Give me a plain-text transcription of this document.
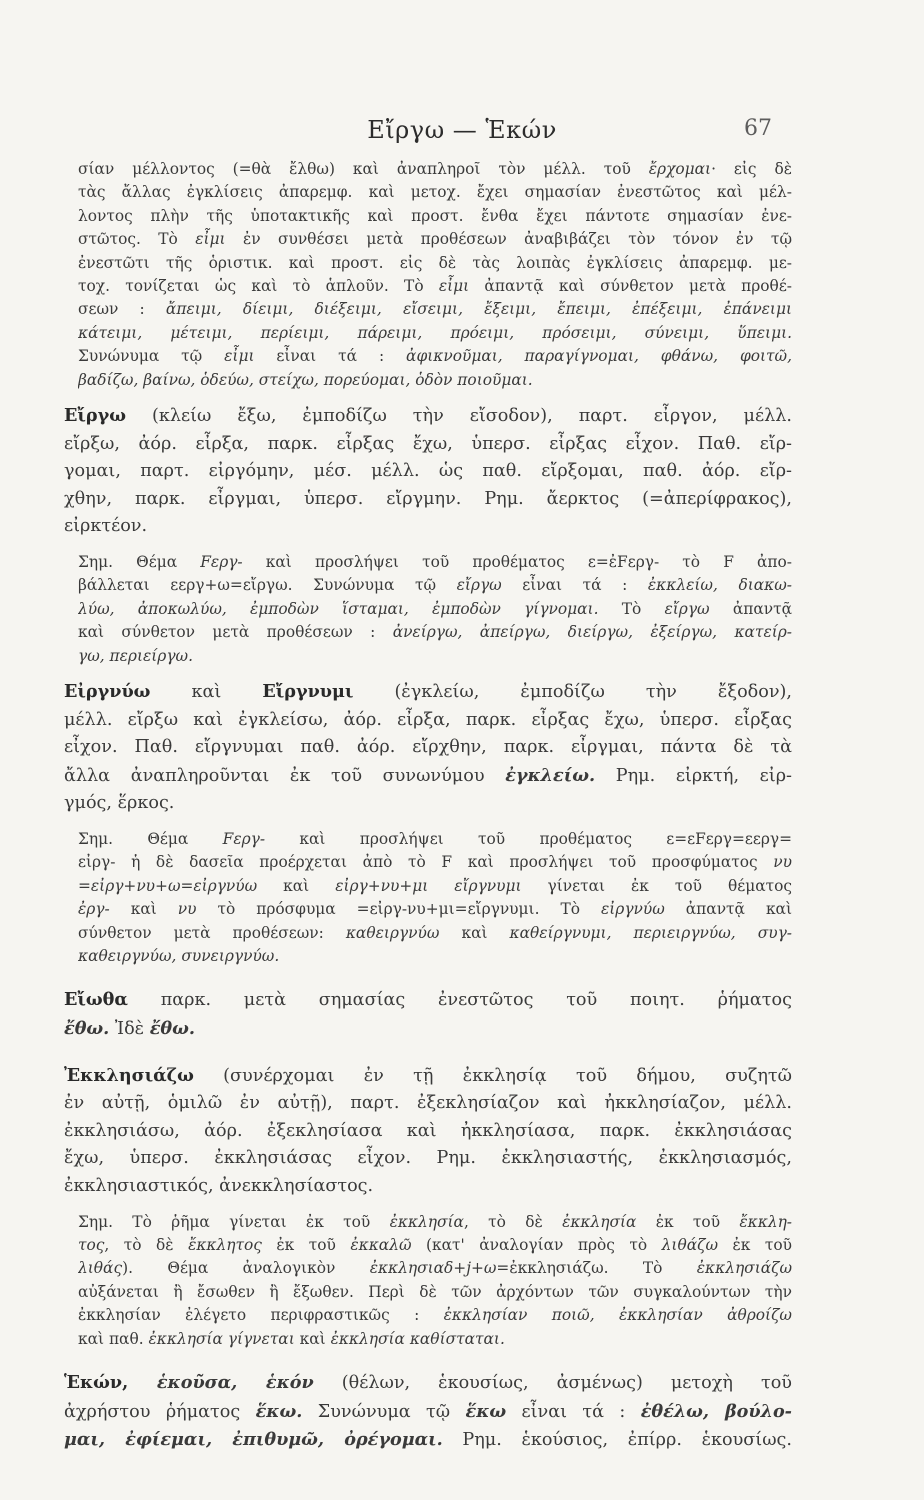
Εἴργω — Ἑκών	67
σίαν μέλλοντος (=θὰ ἔλθω) καὶ ἀναπληροῖ τὸν μέλλ. τοῦ ἔρχομαι· εἰς δὲ
τὰς ἄλλας ἐγκλίσεις ἀπαρεμφ. καὶ μετοχ. ἔχει σημασίαν ἐνεστῶτος καὶ μέλ-
λοντος πλὴν τῆς ὑποτακτικῆς καὶ προστ. ἔνθα ἔχει πάντοτε σημασίαν ἐνε-
στῶτος. Τὸ εἶμι ἐν συνθέσει μετὰ προθέσεων ἀναβιβάζει τὸν τόνον ἐν τῷ
ἐνεστῶτι τῆς ὁριστικ. καὶ προστ. εἰς δὲ τὰς λοιπὰς ἐγκλίσεις ἀπαρεμφ. με-
τοχ. τονίζεται ὡς καὶ τὸ ἁπλοῦν. Τὸ εἶμι ἀπαντᾷ καὶ σύνθετον μετὰ προθέ-
σεων : ἄπειμι, δίειμι, διέξειμι, εἴσειμι, ἔξειμι, ἔπειμι, ἐπέξειμι, ἐπάνειμι
κάτειμι, μέτειμι, περίειμι, πάρειμι, πρόειμι, πρόσειμι, σύνειμι, ὕπειμι.
Συνώνυμα τῷ εἶμι εἶναι τά : ἀφικνοῦμαι, παραγίγνομαι, φθάνω, φοιτῶ,
βαδίζω, βαίνω, ὁδεύω, στείχω, πορεύομαι, ὁδὸν ποιοῦμαι.
Εἴργω (κλείω ἔξω, ἐμποδίζω τὴν εἴσοδον), παρτ. εἶργον, μέλλ.
εἴρξω, ἀόρ. εἶρξα, παρκ. εἶρξας ἔχω, ὑπερσ. εἶρξας εἶχον. Παθ. εἴρ-
γομαι, παρτ. εἰργόμην, μέσ. μέλλ. ὡς παθ. εἴρξομαι, παθ. ἀόρ. εἴρ-
χθην, παρκ. εἶργμαι, ὑπερσ. εἴργμην. Ρημ. ἄερκτος (=ἀπερίφρακος),
εἰρκτέον.
Σημ. Θέμα Fεργ- καὶ προσλήψει τοῦ προθέματος ε=ἐFεργ- τὸ F ἀπο-
βάλλεται εεργ+ω=εἴργω. Συνώνυμα τῷ εἴργω εἶναι τά : ἐκκλείω, διακω-
λύω, ἀποκωλύω, ἐμποδὼν ἵσταμαι, ἐμποδὼν γίγνομαι. Τὸ εἴργω ἀπαντᾷ
καὶ σύνθετον μετὰ προθέσεων : ἀνείργω, ἀπείργω, διείργω, ἐξείργω, κατείρ-
γω, περιείργω.
Εἰργνύω καὶ Εἴργνυμι (ἐγκλείω, ἐμποδίζω τὴν ἔξοδον),
μέλλ. εἴρξω καὶ ἐγκλείσω, ἀόρ. εἶρξα, παρκ. εἶρξας ἔχω, ὑπερσ. εἶρξας
εἶχον. Παθ. εἴργνυμαι παθ. ἀόρ. εἴρχθην, παρκ. εἶργμαι, πάντα δὲ τὰ
ἄλλα ἀναπληροῦνται ἐκ τοῦ συνωνύμου ἐγκλείω. Ρημ. εἰρκτή, εἰρ-
γμός, ἕρκος.
Σημ. Θέμα Fεργ- καὶ προσλήψει τοῦ προθέματος ε=εFεργ=εεργ=
εἰργ- ἡ δὲ δασεῖα προέρχεται ἀπὸ τὸ F καὶ προσλήψει τοῦ προσφύματος νυ
=εἰργ+νυ+ω=εἰργνύω καὶ εἰργ+νυ+μι εἴργνυμι γίνεται ἐκ τοῦ θέματος
ἐργ- καὶ νυ τὸ πρόσφυμα =εἰργ-νυ+μι=εἴργνυμι. Τὸ εἰργνύω ἀπαντᾷ καὶ
σύνθετον μετὰ προθέσεων: καθειργνύω καὶ καθείργνυμι, περιειργνύω, συγ-
καθειργνύω, συνειργνύω.
Εἴωθα παρκ. μετὰ σημασίας ἐνεστῶτος τοῦ ποιητ. ῥήματος
ἔθω. Ἰδὲ ἔθω.
Ἐκκλησιάζω (συνέρχομαι ἐν τῇ ἐκκλησίᾳ τοῦ δήμου, συζητῶ
ἐν αὐτῇ, ὁμιλῶ ἐν αὐτῇ), παρτ. ἐξεκλησίαζον καὶ ἠκκλησίαζον, μέλλ.
ἐκκλησιάσω, ἀόρ. ἐξεκλησίασα καὶ ἠκκλησίασα, παρκ. ἐκκλησιάσας
ἔχω, ὑπερσ. ἐκκλησιάσας εἶχον. Ρημ. ἐκκλησιαστής, ἐκκλησιασμός,
ἐκκλησιαστικός, ἀνεκκλησίαστος.
Σημ. Τὸ ῥῆμα γίνεται ἐκ τοῦ ἐκκλησία, τὸ δὲ ἐκκλησία ἐκ τοῦ ἔκκλη-
τος, τὸ δὲ ἔκκλητος ἐκ τοῦ ἐκκαλῶ (κατ' ἀναλογίαν πρὸς τὸ λιθάζω ἐκ τοῦ
λιθάς). Θέμα ἀναλογικὸν ἐκκλησιαδ+j+ω=ἐκκλησιάζω. Τὸ ἐκκλησιάζω
αὐξάνεται ἢ ἔσωθεν ἢ ἔξωθεν. Περὶ δὲ τῶν ἀρχόντων τῶν συγκαλούντων τὴν
ἐκκλησίαν ἐλέγετο περιφραστικῶς : ἐκκλησίαν ποιῶ, ἐκκλησίαν ἀθροίζω
καὶ παθ. ἐκκλησία γίγνεται καὶ ἐκκλησία καθίσταται.
Ἑκών, ἑκοῦσα, ἑκόν (θέλων, ἑκουσίως, ἀσμένως) μετοχὴ τοῦ
ἀχρήστου ῥήματος ἕκω. Συνώνυμα τῷ ἕκω εἶναι τά : ἐθέλω, βούλο-
μαι, ἐφίεμαι, ἐπιθυμῶ, ὀρέγομαι. Ρημ. ἑκούσιος, ἐπίρρ. ἑκουσίως.
